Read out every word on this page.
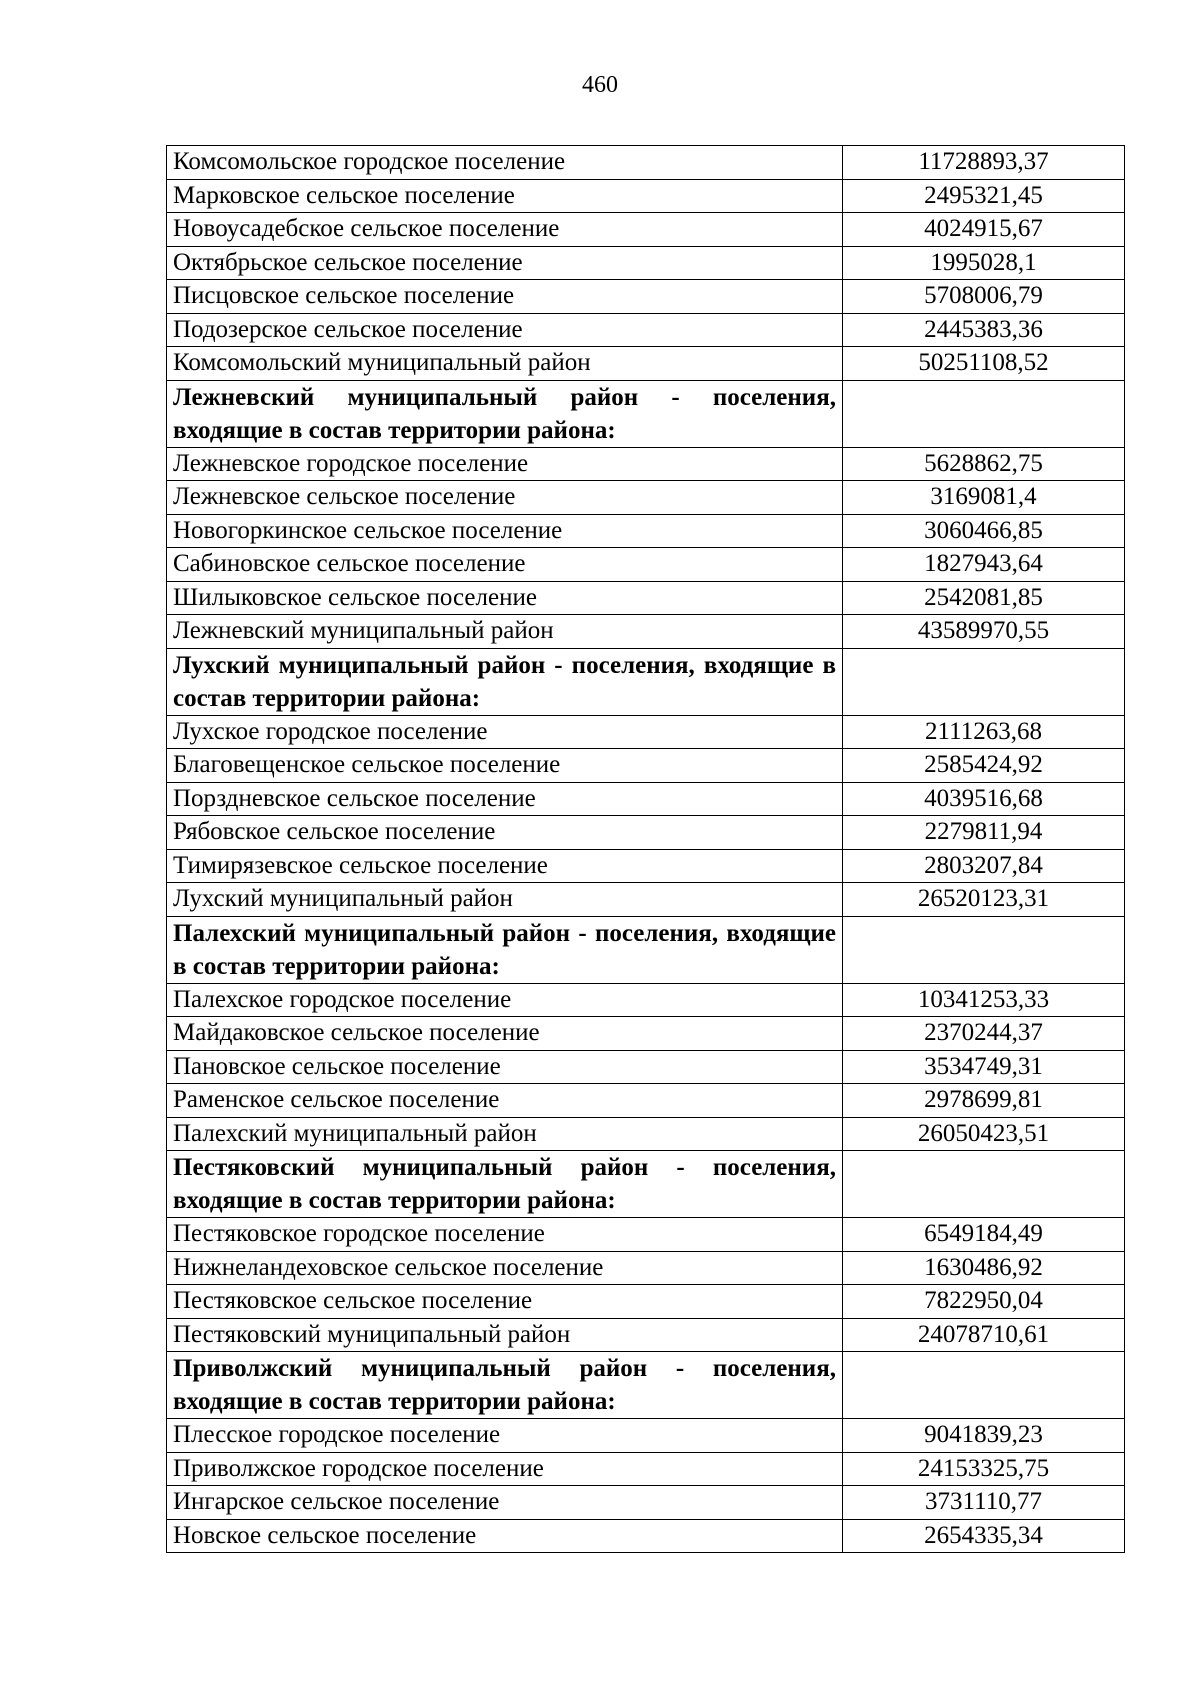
460
Комсомольское городское поселение	11728893,37
Марковское сельское поселение	2495321,45
Новоусадебское сельское поселение	4024915,67
Октябрьское сельское поселение	1995028,1
Писцовское сельское поселение	5708006,79
Подозерское сельское поселение	2445383,36
Комсомольский муниципальный район	50251108,52
Лежневский муниципальный район - поселения, входящие в состав территории района:	
Лежневское городское поселение	5628862,75
Лежневское сельское поселение	3169081,4
Новогоркинское сельское поселение	3060466,85
Сабиновское сельское поселение	1827943,64
Шилыковское сельское поселение	2542081,85
Лежневский муниципальный район	43589970,55
Лухский муниципальный район - поселения, входящие в состав территории района:	
Лухское городское поселение	2111263,68
Благовещенское сельское поселение	2585424,92
Порздневское сельское поселение	4039516,68
Рябовское сельское поселение	2279811,94
Тимирязевское сельское поселение	2803207,84
Лухский муниципальный район	26520123,31
Палехский муниципальный район - поселения, входящие в состав территории района:	
Палехское городское поселение	10341253,33
Майдаковское сельское поселение	2370244,37
Пановское сельское поселение	3534749,31
Раменское сельское поселение	2978699,81
Палехский муниципальный район	26050423,51
Пестяковский муниципальный район - поселения, входящие в состав территории района:	
Пестяковское городское поселение	6549184,49
Нижнеландеховское сельское поселение	1630486,92
Пестяковское сельское поселение	7822950,04
Пестяковский муниципальный район	24078710,61
Приволжский муниципальный район - поселения, входящие в состав территории района:	
Плесское городское поселение	9041839,23
Приволжское городское поселение	24153325,75
Ингарское сельское поселение	3731110,77
Новское сельское поселение	2654335,34
